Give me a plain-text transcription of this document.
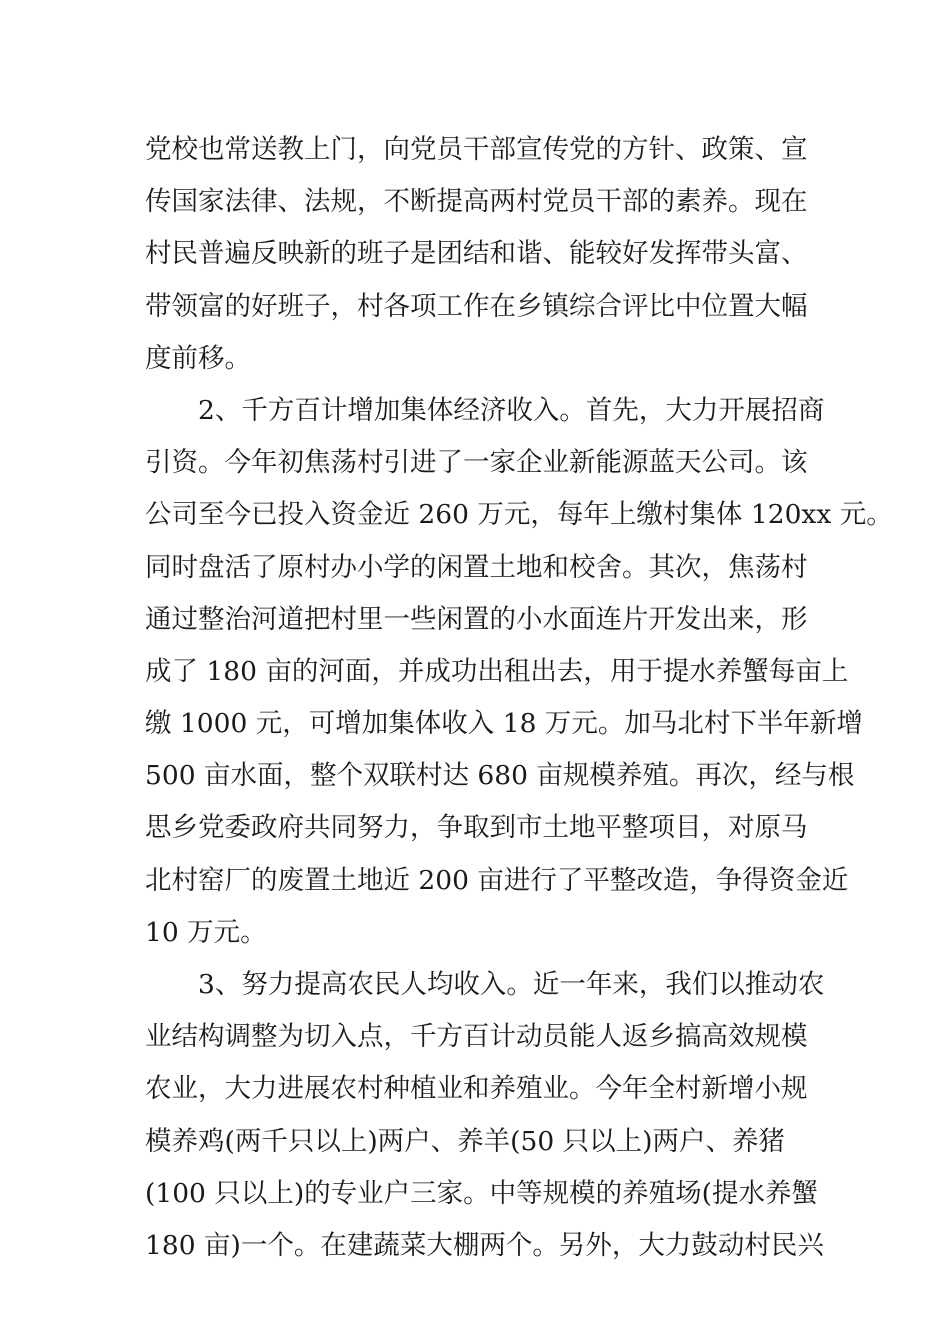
党校也常送教上门，向党员干部宣传党的方针、政策、宣
传国家法律、法规，不断提高两村党员干部的素养。现在
村民普遍反映新的班子是团结和谐、能较好发挥带头富、
带领富的好班子，村各项工作在乡镇综合评比中位置大幅
度前移。
2、千方百计增加集体经济收入。首先，大力开展招商
引资。今年初焦荡村引进了一家企业新能源蓝天公司。该
公司至今已投入资金近 260 万元，每年上缴村集体 120xx 元。
同时盘活了原村办小学的闲置土地和校舍。其次，焦荡村
通过整治河道把村里一些闲置的小水面连片开发出来，形
成了 180 亩的河面，并成功出租出去，用于提水养蟹每亩上
缴 1000 元，可增加集体收入 18 万元。加马北村下半年新增
500 亩水面，整个双联村达 680 亩规模养殖。再次，经与根
思乡党委政府共同努力，争取到市土地平整项目，对原马
北村窑厂的废置土地近 200 亩进行了平整改造，争得资金近
10 万元。
3、努力提高农民人均收入。近一年来，我们以推动农
业结构调整为切入点，千方百计动员能人返乡搞高效规模
农业，大力进展农村种植业和养殖业。今年全村新增小规
模养鸡(两千只以上)两户、养羊(50 只以上)两户、养猪
(100 只以上)的专业户三家。中等规模的养殖场(提水养蟹
180 亩)一个。在建蔬菜大棚两个。另外，大力鼓动村民兴
